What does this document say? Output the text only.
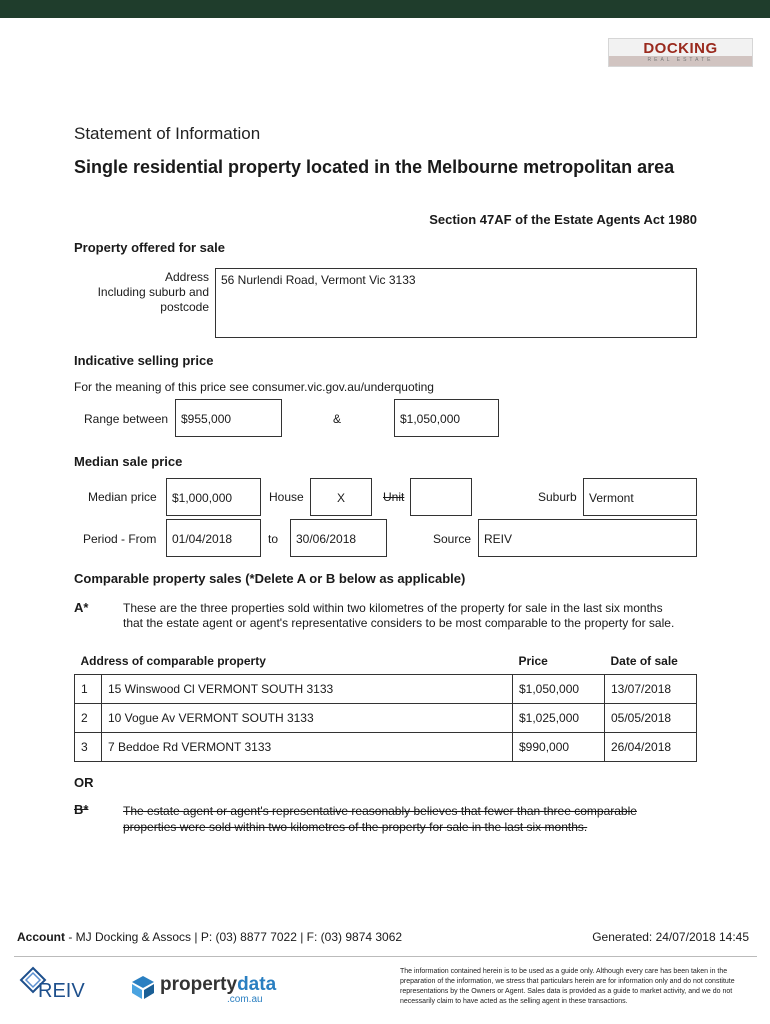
DOCKING
REAL ESTATE
Statement of Information
Single residential property located in the Melbourne metropolitan area
Section 47AF of the Estate Agents Act 1980
Property offered for sale
Address
Including suburb and
postcode
56 Nurlendi Road, Vermont Vic 3133
Indicative selling price
For the meaning of this price see consumer.vic.gov.au/underquoting
Range between	$955,000	&	$1,050,000
Median sale price
Median price	$1,000,000	House	X	Unit	Suburb	Vermont
Period - From	01/04/2018	to	30/06/2018	Source	REIV
Comparable property sales (*Delete A or B below as applicable)
A*	These are the three properties sold within two kilometres of the property for sale in the last six months that the estate agent or agent's representative considers to be most comparable to the property for sale.
Address of comparable property		Price	Date of sale
1	15 Winswood Cl VERMONT SOUTH 3133	$1,050,000	13/07/2018
2	10 Vogue Av VERMONT SOUTH 3133	$1,025,000	05/05/2018
3	7 Beddoe Rd VERMONT 3133	$990,000	26/04/2018
OR
B*	The estate agent or agent's representative reasonably believes that fewer than three comparable properties were sold within two kilometres of the property for sale in the last six months.
Account - MJ Docking & Assocs | P: (03) 8877 7022 | F: (03) 9874 3062	Generated: 24/07/2018 14:45
REIV	propertydata
.com.au
The information contained herein is to be used as a guide only. Although every care has been taken in the preparation of the information, we stress that particulars herein are for information only and do not constitute representations by the Owners or Agent. Sales data is provided as a guide to market activity, and we do not necessarily claim to have acted as the selling agent in these transactions.
